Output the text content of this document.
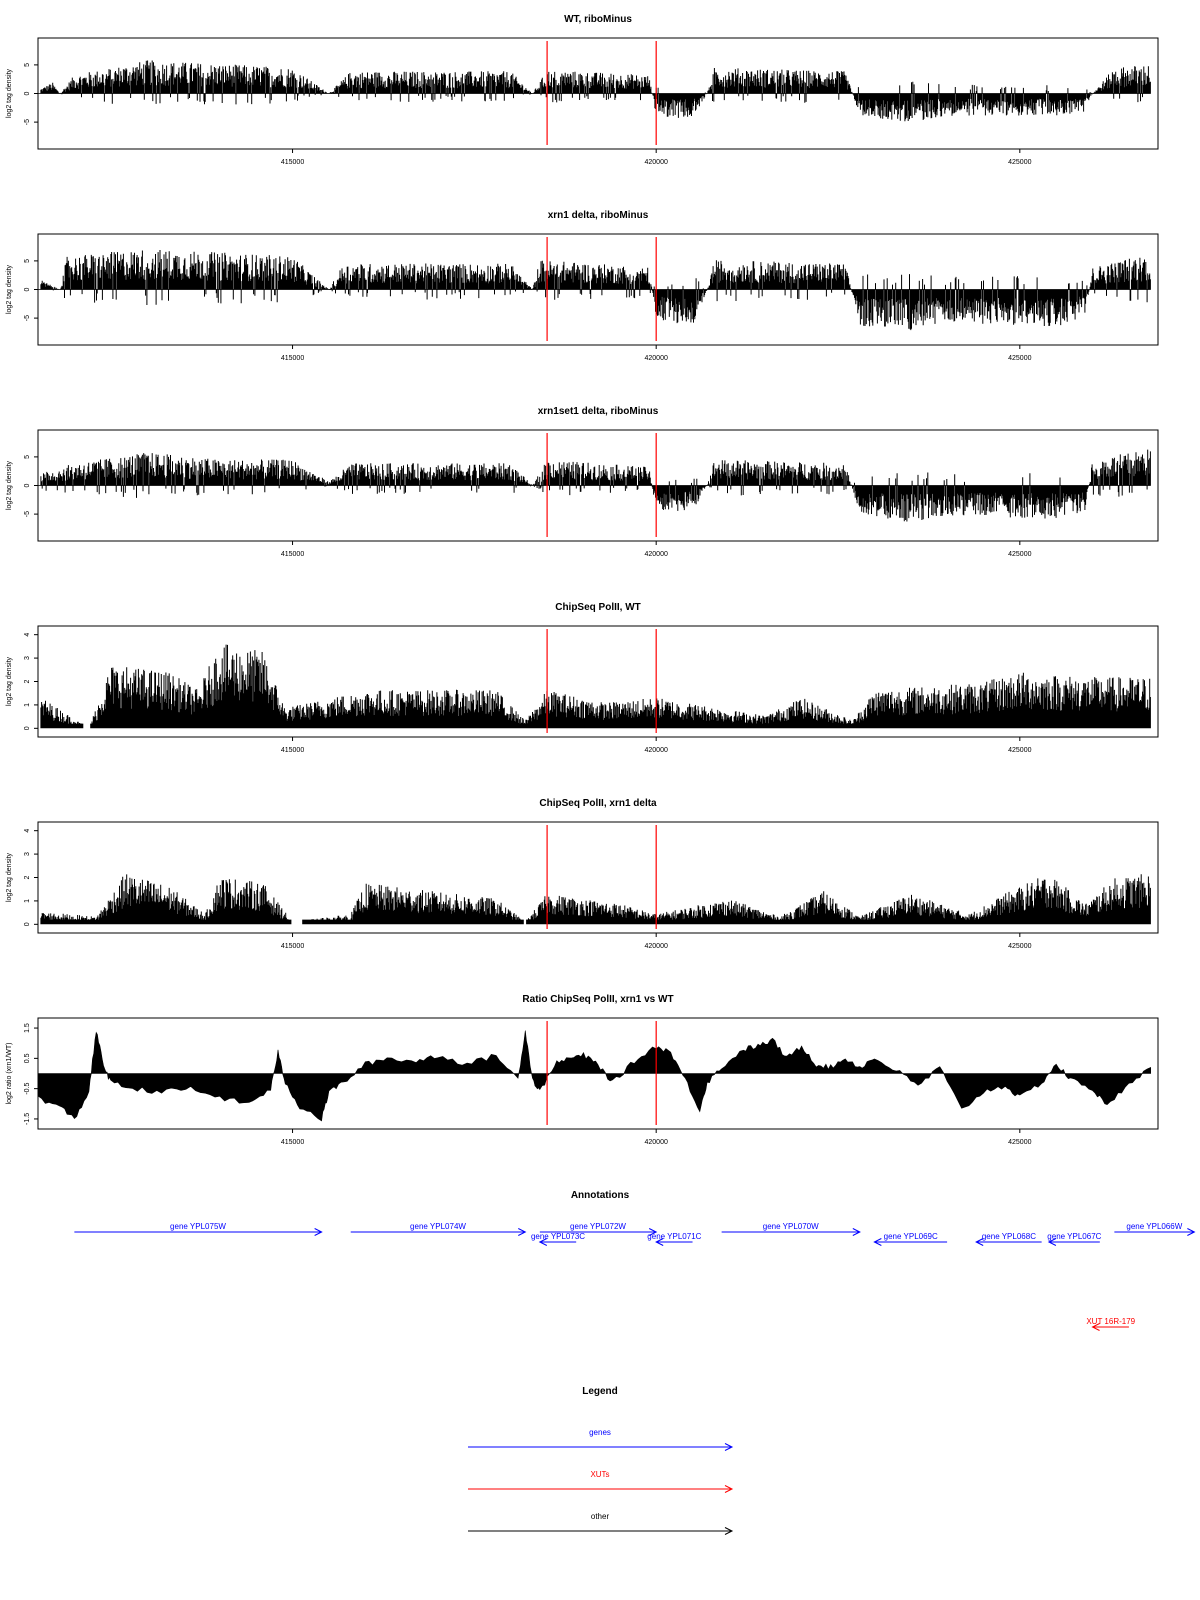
WT, riboMinus
log2 tag density
5
0
-5
415000	420000	425000
xrn1 delta, riboMinus
log2 tag density
5
0
-5
415000	420000	425000
xrn1set1 delta, riboMinus
log2 tag density
5
0
-5
415000	420000	425000
ChipSeq PolII, WT
log2 tag density
4
3
2
1
0
415000	420000	425000
ChipSeq PolII, xrn1 delta
log2 tag density
4
3
2
1
0
415000	420000	425000
Ratio ChipSeq PolII, xrn1 vs WT
log2 ratio (xrn1/WT)
1.5
0.5
-0.5
-1.5
415000	420000	425000
Annotations
gene YPL075W	gene YPL074W	gene YPL072W
gene YPL073C	gene YPL071C
gene YPL070W
gene YPL069C	gene YPL068C gene YPL067C
gene YPL066W
XUT 16R-179
Legend
genes
XUTs
other
